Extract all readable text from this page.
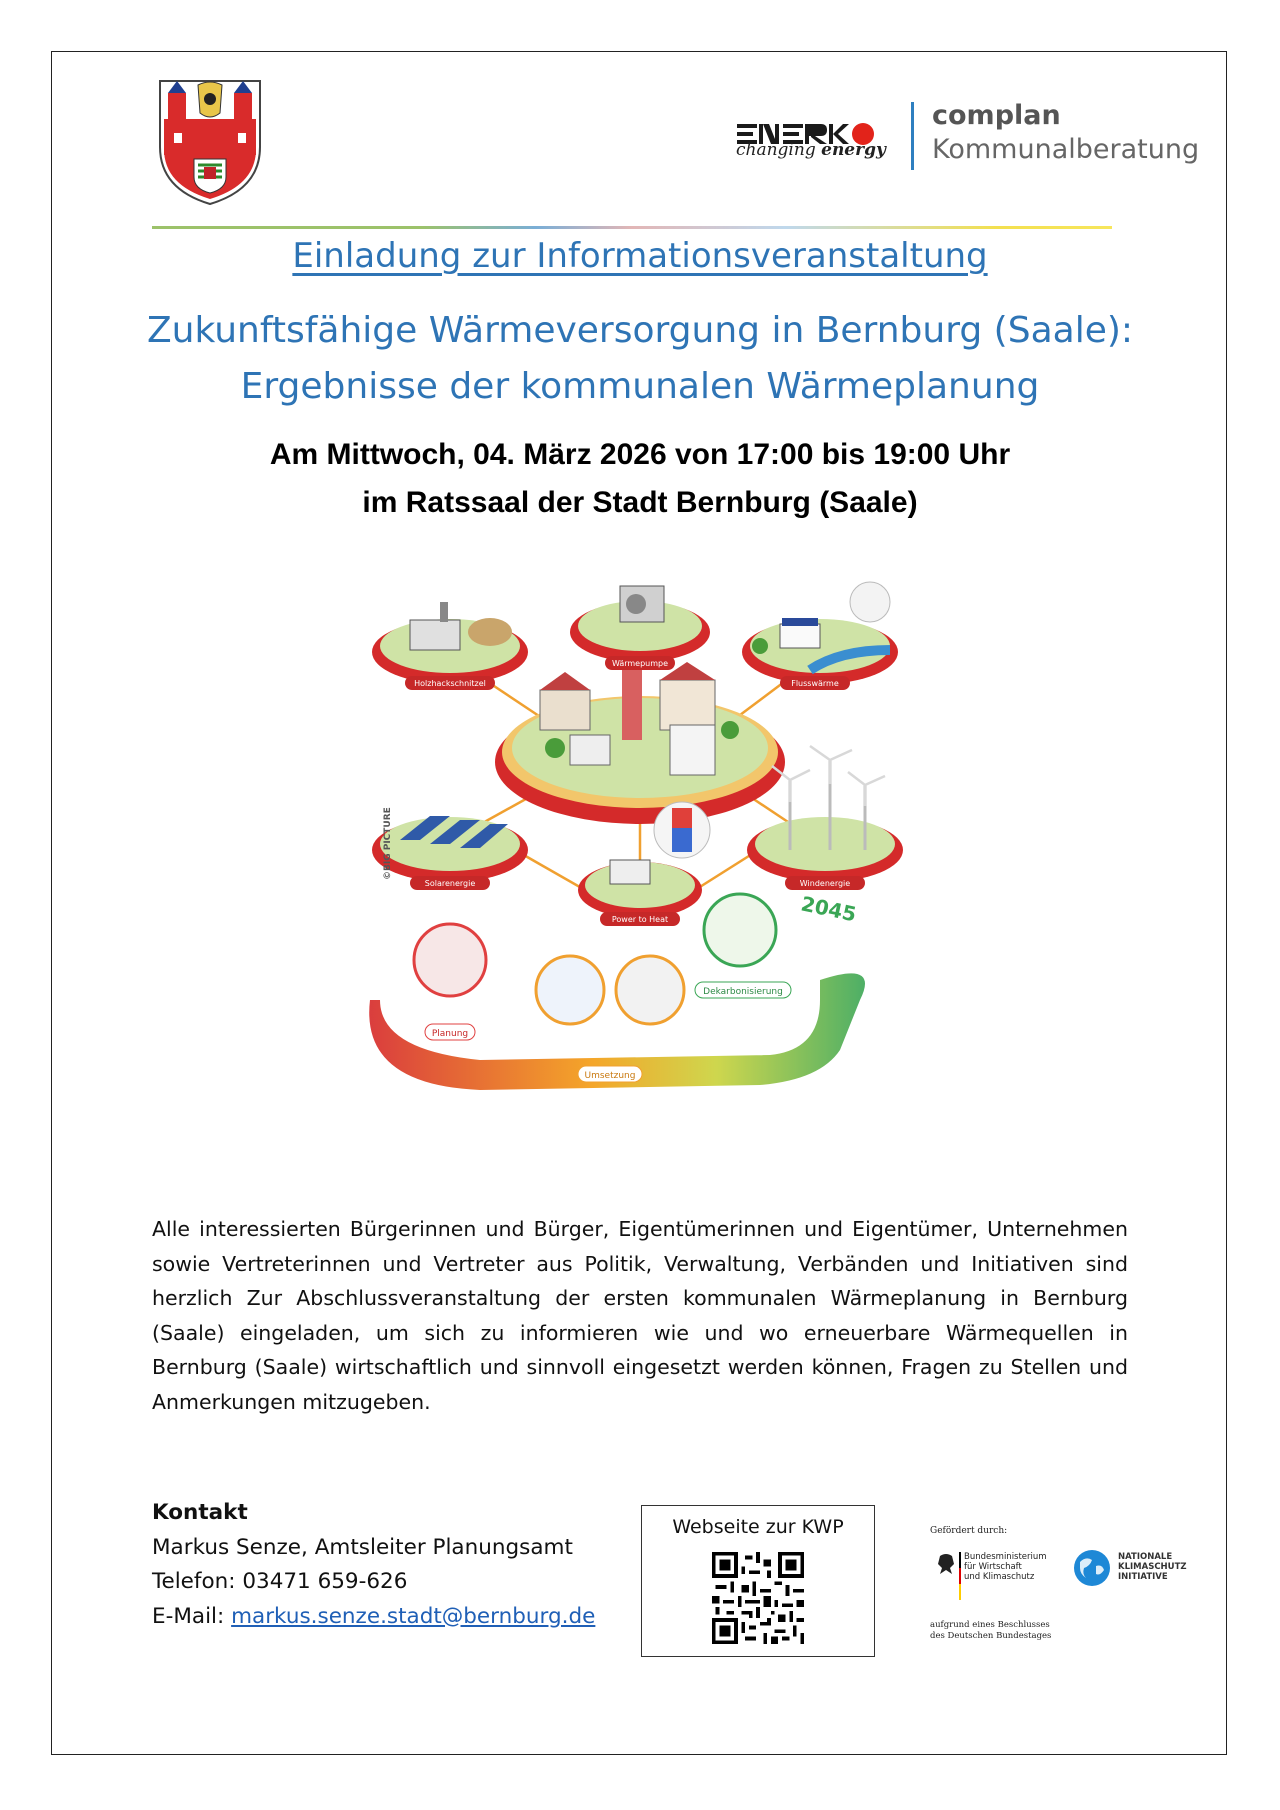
changing energy
complan
Kommunalberatung
Einladung zur Informationsveranstaltung
Zukunftsfähige Wärmeversorgung in Bernburg (Saale):
Ergebnisse der kommunalen Wärmeplanung
Am Mittwoch, 04. März 2026 von 17:00 bis 19:00 Uhr
im Ratssaal der Stadt Bernburg (Saale)
Wärmepumpe
Holzhackschnitzel	Flusswärme
Solarenergie	Windenergie
Power to Heat
©BIG PICTURE
Planung
Umsetzung
Dekarbonisierung
2045
Alle interessierten Bürgerinnen und Bürger, Eigentümerinnen und Eigentümer, Unternehmen sowie Vertreterinnen und Vertreter aus Politik, Verwaltung, Verbänden und Initiativen sind herzlich Zur Abschlussveranstaltung der ersten kommunalen Wärmeplanung in Bernburg (Saale) eingeladen, um sich zu informieren wie und wo erneuerbare Wärmequellen in Bernburg (Saale) wirtschaftlich und sinnvoll eingesetzt werden können, Fragen zu Stellen und Anmerkungen mitzugeben.
Kontakt
Markus Senze, Amtsleiter Planungsamt
Telefon: 03471 659-626
E-Mail: markus.senze.stadt@bernburg.de
Webseite zur KWP	Gefördert durch:
Bundesministerium
für Wirtschaft
und Klimaschutz
aufgrund eines Beschlusses
des Deutschen Bundestages
NATIONALE
KLIMASCHUTZ
INITIATIVE
